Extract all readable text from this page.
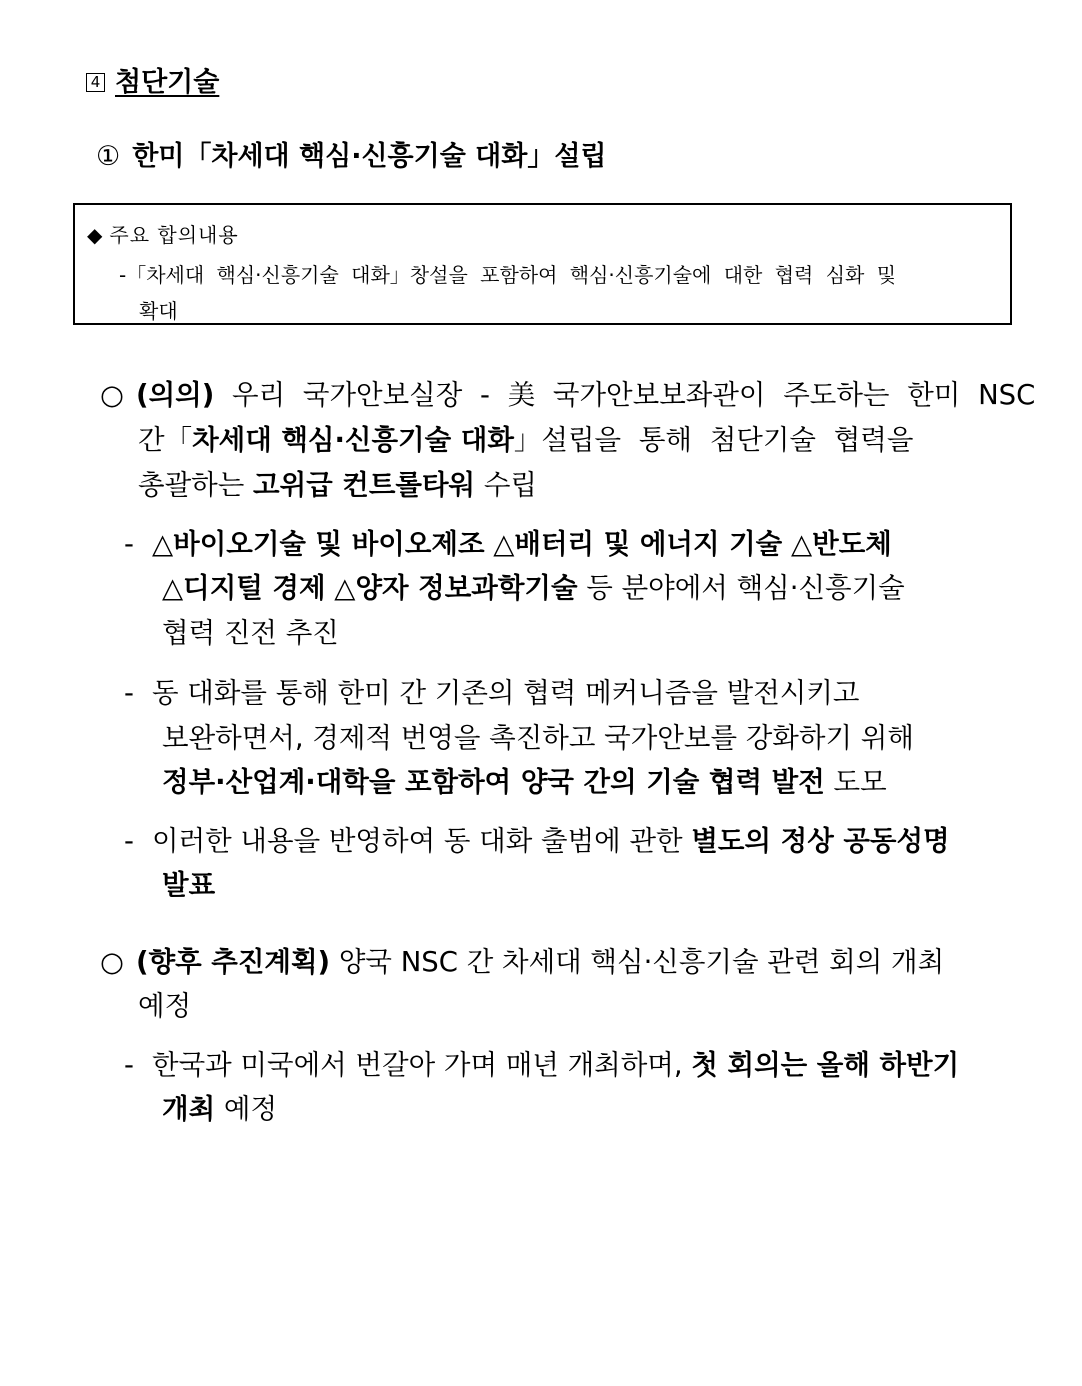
4 첨단기술
① 한미「차세대 핵심·신흥기술 대화」설립
◆ 주요 합의내용
-「차세대 핵심·신흥기술 대화」창설을 포함하여 핵심·신흥기술에 대한 협력 심화 및
확대
○ (의의) 우리 국가안보실장 - 美 국가안보보좌관이 주도하는 한미 NSC
간「차세대 핵심·신흥기술 대화」설립을 통해 첨단기술 협력을
총괄하는 고위급 컨트롤타워 수립
- △바이오기술 및 바이오제조 △배터리 및 에너지 기술 △반도체
△디지털 경제 △양자 정보과학기술 등 분야에서 핵심·신흥기술
협력 진전 추진
- 동 대화를 통해 한미 간 기존의 협력 메커니즘을 발전시키고
보완하면서, 경제적 번영을 촉진하고 국가안보를 강화하기 위해
정부·산업계·대학을 포함하여 양국 간의 기술 협력 발전 도모
- 이러한 내용을 반영하여 동 대화 출범에 관한 별도의 정상 공동성명
발표
○ (향후 추진계획) 양국 NSC 간 차세대 핵심·신흥기술 관련 회의 개최
예정
- 한국과 미국에서 번갈아 가며 매년 개최하며, 첫 회의는 올해 하반기
개최 예정
